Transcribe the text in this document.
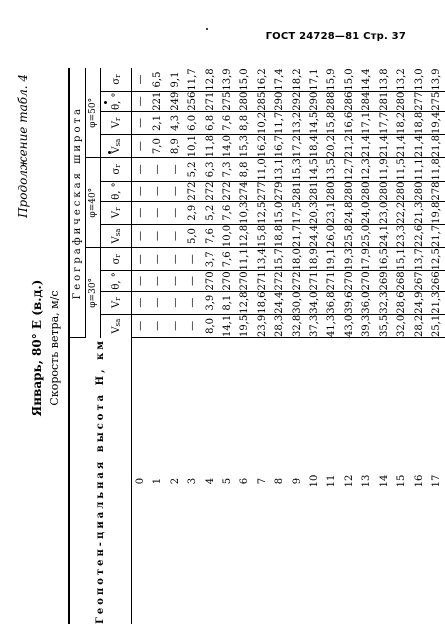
ГОСТ 24728—81 Стр. 37
Продолжение табл. 4
Январь, 80° Е (в.д.) Скорость ветра, м/с	Геопотен-циальная высота H, км	Географическая широта											
	φ=30°				φ=40°				φ=50°			
	Vsa	Vr	θ, °	σr	Vsa	Vr	θ, °	σr	Vsa	Vr	θ, °	σr
0	—	—	—	—	—	—	—	—	—	—	—	—
1	—	—	—	—	—	—	—	—	7,0	2,1	221	6,5
2	—	—	—	—	—	—	—	—	8,9	4,3	249	9,1
3	—	—	—	—	5,0	2,9	272	5,2	10,1	6,0	256	11,7
4	8,0	3,9	270	3,7	7,6	5,2	272	6,3	11,8	6,8	271	12,8
5	14,1	8,1	270	7,6	10,0	7,6	272	7,3	14,0	7,6	275	13,9
6	19,5	12,8	270	11,1	12,8	10,3	274	8,8	15,3	8,8	280	15,0
7	23,9	18,6	271	13,4	15,8	12,5	277	11,0	16,2	10,2	285	16,2
8	28,3	24,4	272	15,7	18,8	15,0	279	13,1	16,7	11,7	290	17,4
9	32,8	30,0	272	18,0	21,7	17,5	281	15,3	17,2	13,2	292	18,2
10	37,3	34,0	271	18,9	24,4	20,3	281	14,5	18,4	14,5	290	17,1
11	41,3	36,8	271	19,1	26,0	23,1	280	13,5	20,2	15,8	288	15,9
12	43,0	39,6	270	19,3	25,8	24,8	280	12,7	21,2	16,6	286	15,0
13	39,3	36,0	270	17,9	25,0	24,0	280	12,3	21,4	17,1	284	14,4
14	35,5	32,3	269	16,5	24,1	23,0	280	11,9	21,4	17,7	281	13,8
15	32,0	28,6	268	15,1	23,3	22,2	280	11,5	21,4	18,2	280	13,2
16	28,2	24,9	267	13,7	22,6	21,3	280	11,1	21,4	18,8	277	13,0
17	25,1	21,3	266	12,5	21,7	19,8	278	11,8	21,8	19,4	275	13,9
